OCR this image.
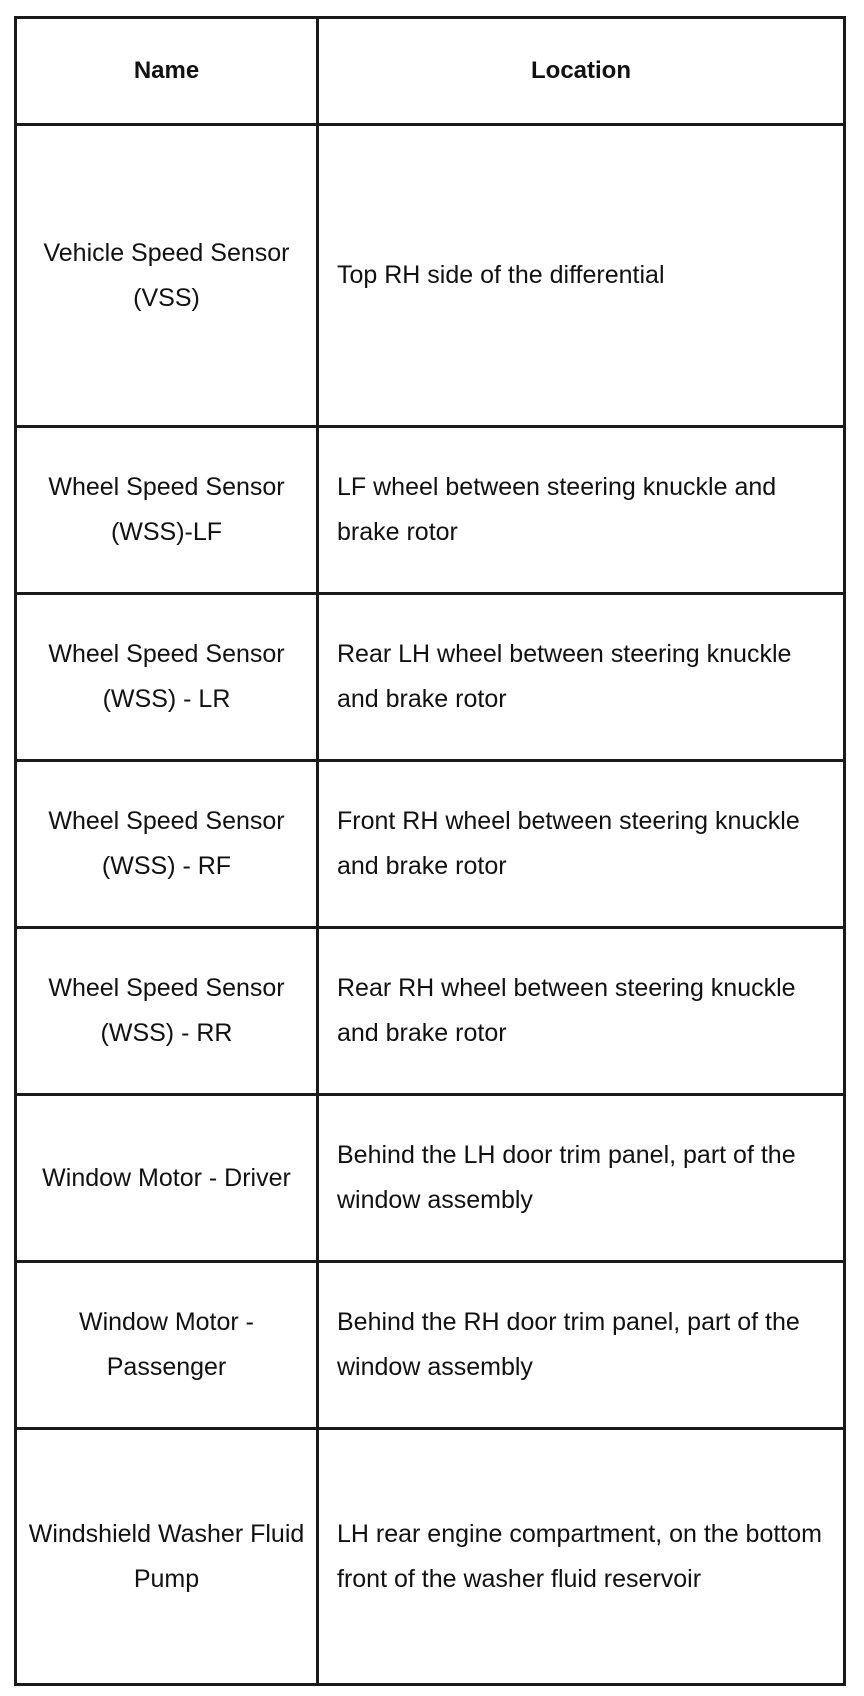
Name	Location
Vehicle Speed Sensor (VSS)	Top RH side of the differential
Wheel Speed Sensor (WSS)-LF	LF wheel between steering knuckle and brake rotor
Wheel Speed Sensor (WSS) - LR	Rear LH wheel between steering knuckle and brake rotor
Wheel Speed Sensor (WSS) - RF	Front RH wheel between steering knuckle and brake rotor
Wheel Speed Sensor (WSS) - RR	Rear RH wheel between steering knuckle and brake rotor
Window Motor - Driver	Behind the LH door trim panel, part of the window assembly
Window Motor - Passenger	Behind the RH door trim panel, part of the window assembly
Windshield Washer Fluid Pump	LH rear engine compartment, on the bottom front of the washer fluid reservoir
